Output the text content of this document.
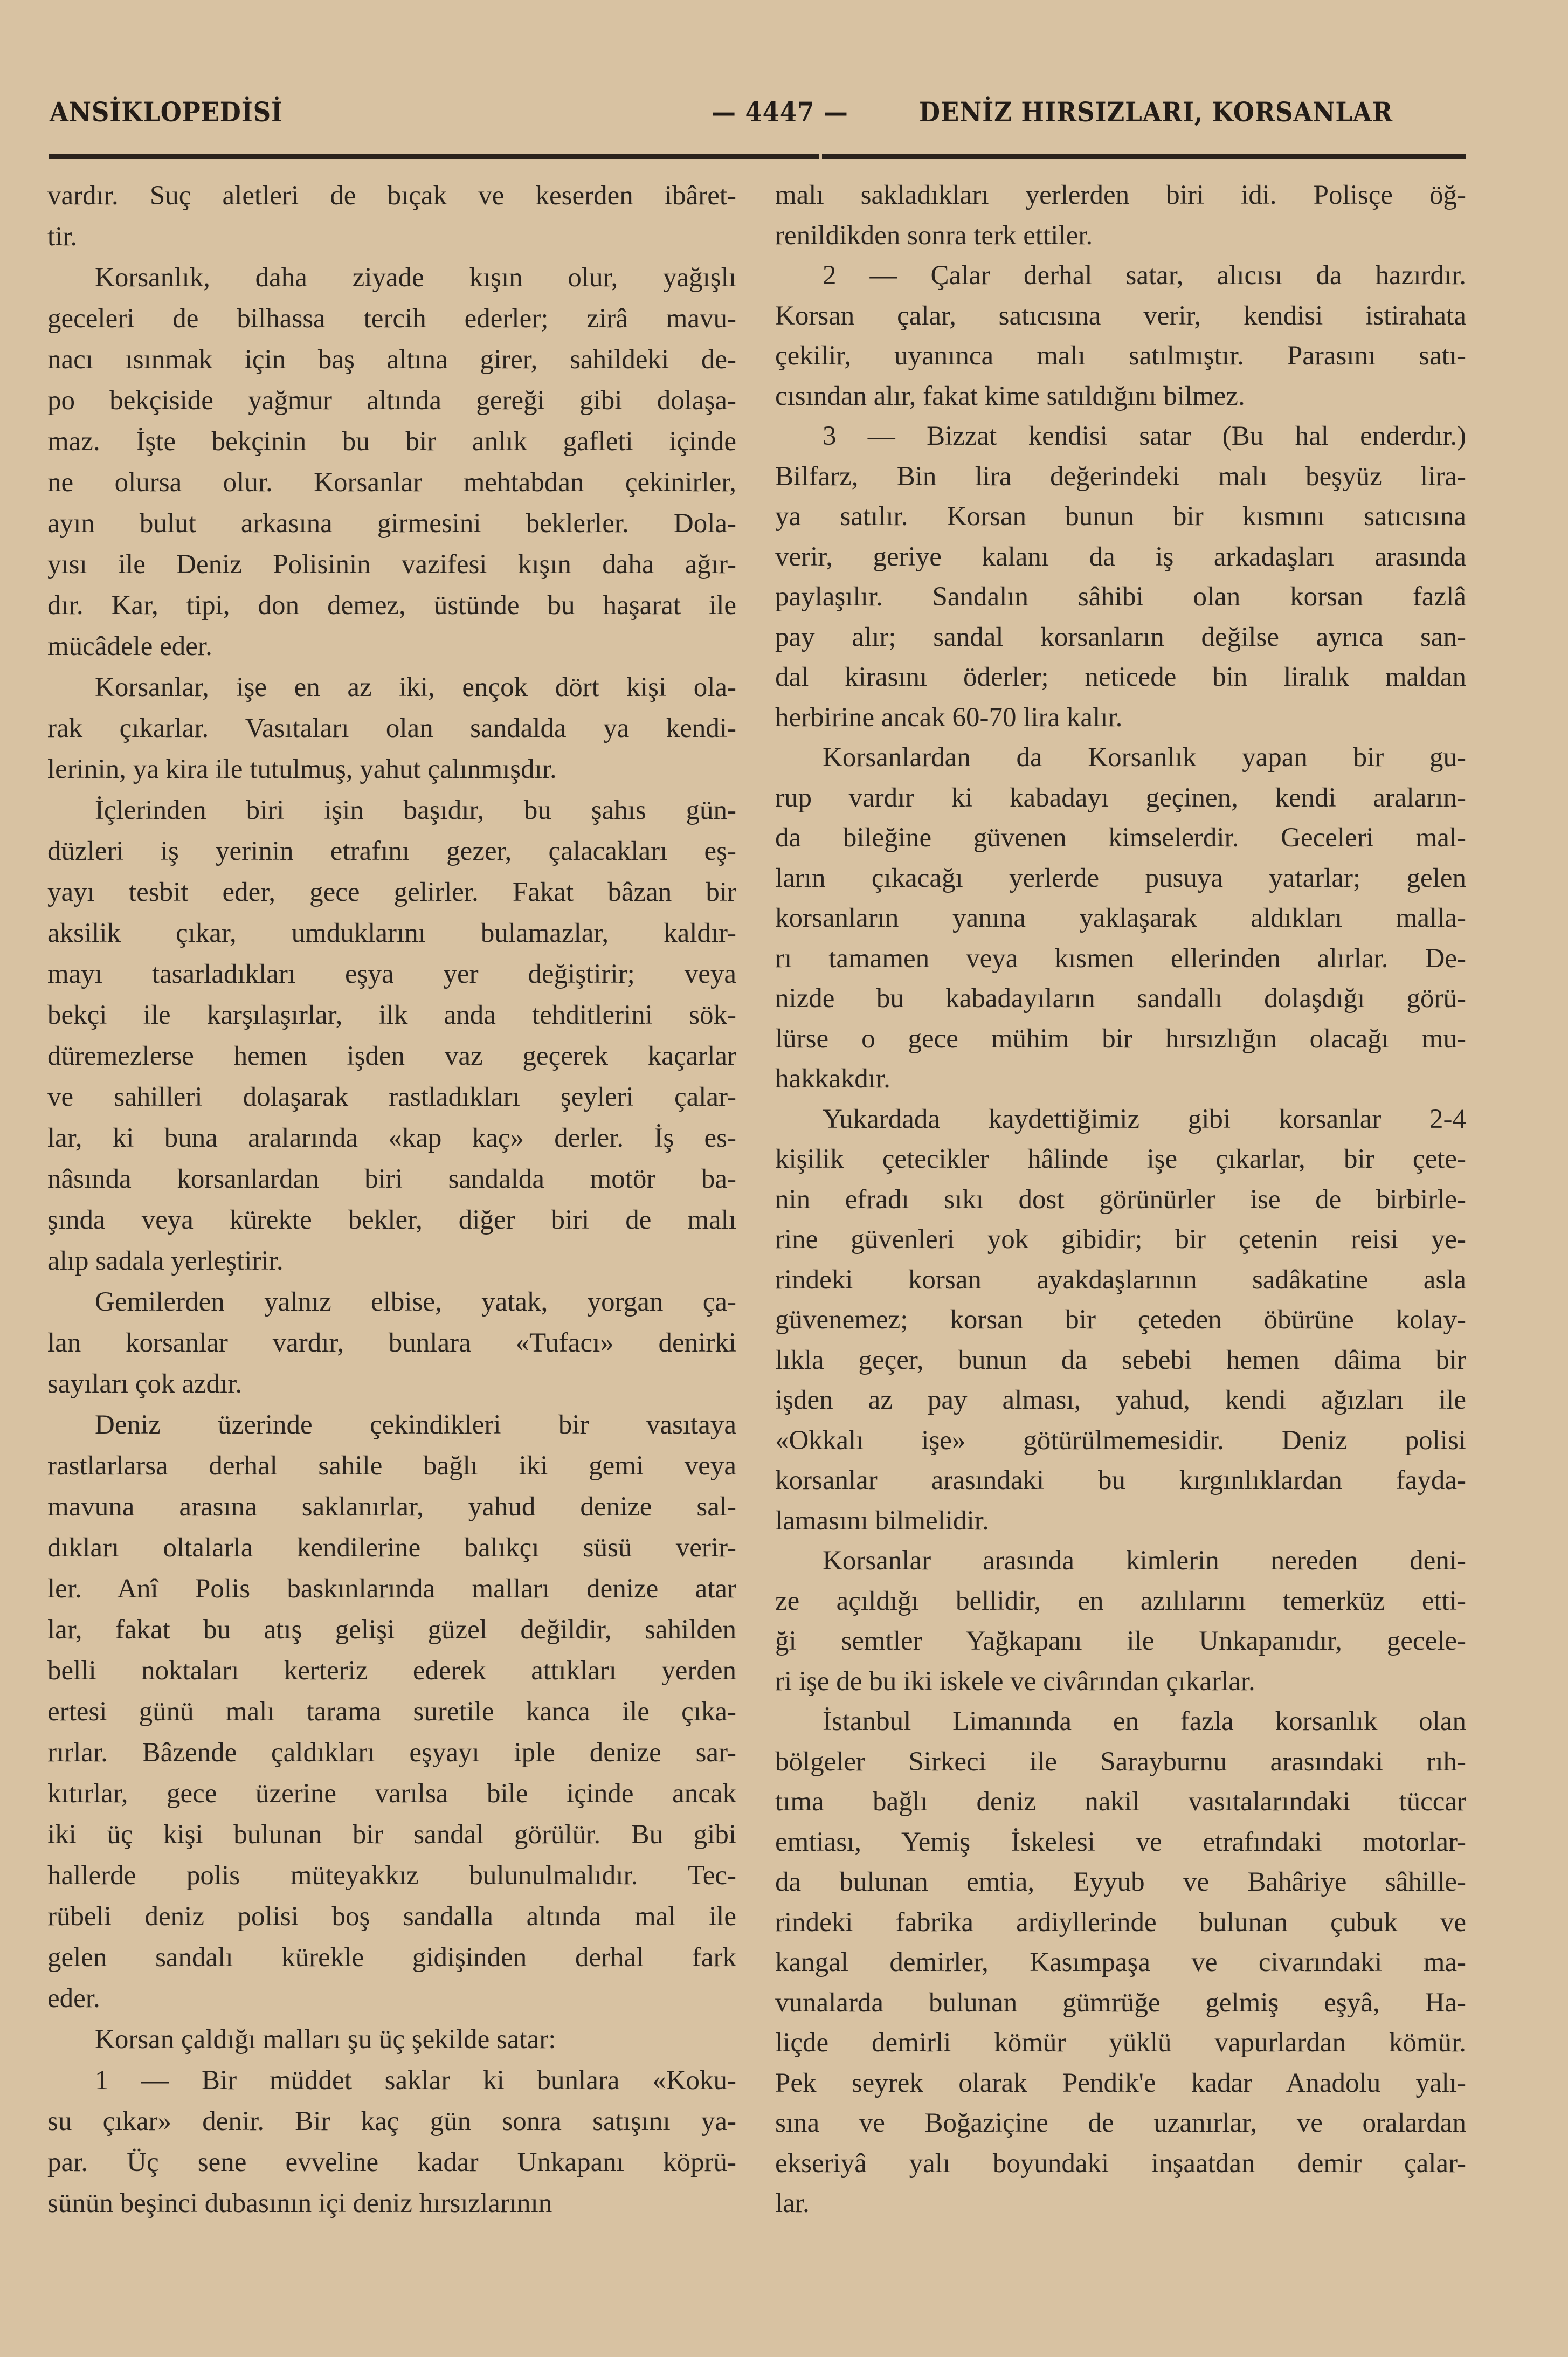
ANSİKLOPEDİSİ	— 4447 —	DENİZ HIRSIZLARI, KORSANLAR
vardır. Suç aletleri de bıçak ve keserden ibâret-
tir.
Korsanlık, daha ziyade kışın olur, yağışlı
geceleri de bilhassa tercih ederler; zirâ mavu-
nacı ısınmak için baş altına girer, sahildeki de-
po bekçiside yağmur altında gereği gibi dolaşa-
maz. İşte bekçinin bu bir anlık gafleti içinde
ne olursa olur. Korsanlar mehtabdan çekinirler,
ayın bulut arkasına girmesini beklerler. Dola-
yısı ile Deniz Polisinin vazifesi kışın daha ağır-
dır. Kar, tipi, don demez, üstünde bu haşarat ile
mücâdele eder.
Korsanlar, işe en az iki, ençok dört kişi ola-
rak çıkarlar. Vasıtaları olan sandalda ya kendi-
lerinin, ya kira ile tutulmuş, yahut çalınmışdır.
İçlerinden biri işin başıdır, bu şahıs gün-
düzleri iş yerinin etrafını gezer, çalacakları eş-
yayı tesbit eder, gece gelirler. Fakat bâzan bir
aksilik çıkar, umduklarını bulamazlar, kaldır-
mayı tasarladıkları eşya yer değiştirir; veya
bekçi ile karşılaşırlar, ilk anda tehditlerini sök-
düremezlerse hemen işden vaz geçerek kaçarlar
ve sahilleri dolaşarak rastladıkları şeyleri çalar-
lar, ki buna aralarında «kap kaç» derler. İş es-
nâsında korsanlardan biri sandalda motör ba-
şında veya kürekte bekler, diğer biri de malı
alıp sadala yerleştirir.
Gemilerden yalnız elbise, yatak, yorgan ça-
lan korsanlar vardır, bunlara «Tufacı» denirki
sayıları çok azdır.
Deniz üzerinde çekindikleri bir vasıtaya
rastlarlarsa derhal sahile bağlı iki gemi veya
mavuna arasına saklanırlar, yahud denize sal-
dıkları oltalarla kendilerine balıkçı süsü verir-
ler. Anî Polis baskınlarında malları denize atar
lar, fakat bu atış gelişi güzel değildir, sahilden
belli noktaları kerteriz ederek attıkları yerden
ertesi günü malı tarama suretile kanca ile çıka-
rırlar. Bâzende çaldıkları eşyayı iple denize sar-
kıtırlar, gece üzerine varılsa bile içinde ancak
iki üç kişi bulunan bir sandal görülür. Bu gibi
hallerde polis müteyakkız bulunulmalıdır. Tec-
rübeli deniz polisi boş sandalla altında mal ile
gelen sandalı kürekle gidişinden derhal fark
eder.
Korsan çaldığı malları şu üç şekilde satar:
1 — Bir müddet saklar ki bunlara «Koku-
su çıkar» denir. Bir kaç gün sonra satışını ya-
par. Üç sene evveline kadar Unkapanı köprü-
sünün beşinci dubasının içi deniz hırsızlarının
malı sakladıkları yerlerden biri idi. Polisçe öğ-
renildikden sonra terk ettiler.
2 — Çalar derhal satar, alıcısı da hazırdır.
Korsan çalar, satıcısına verir, kendisi istirahata
çekilir, uyanınca malı satılmıştır. Parasını satı-
cısından alır, fakat kime satıldığını bilmez.
3 — Bizzat kendisi satar (Bu hal enderdır.)
Bilfarz, Bin lira değerindeki malı beşyüz lira-
ya satılır. Korsan bunun bir kısmını satıcısına
verir, geriye kalanı da iş arkadaşları arasında
paylaşılır. Sandalın sâhibi olan korsan fazlâ
pay alır; sandal korsanların değilse ayrıca san-
dal kirasını öderler; neticede bin liralık maldan
herbirine ancak 60-70 lira kalır.
Korsanlardan da Korsanlık yapan bir gu-
rup vardır ki kabadayı geçinen, kendi araların-
da bileğine güvenen kimselerdir. Geceleri mal-
ların çıkacağı yerlerde pusuya yatarlar; gelen
korsanların yanına yaklaşarak aldıkları malla-
rı tamamen veya kısmen ellerinden alırlar. De-
nizde bu kabadayıların sandallı dolaşdığı görü-
lürse o gece mühim bir hırsızlığın olacağı mu-
hakkakdır.
Yukardada kaydettiğimiz gibi korsanlar 2-4
kişilik çetecikler hâlinde işe çıkarlar, bir çete-
nin efradı sıkı dost görünürler ise de birbirle-
rine güvenleri yok gibidir; bir çetenin reisi ye-
rindeki korsan ayakdaşlarının sadâkatine asla
güvenemez; korsan bir çeteden öbürüne kolay-
lıkla geçer, bunun da sebebi hemen dâima bir
işden az pay alması, yahud, kendi ağızları ile
«Okkalı işe» götürülmemesidir. Deniz polisi
korsanlar arasındaki bu kırgınlıklardan fayda-
lamasını bilmelidir.
Korsanlar arasında kimlerin nereden deni-
ze açıldığı bellidir, en azılılarını temerküz etti-
ği semtler Yağkapanı ile Unkapanıdır, gecele-
ri işe de bu iki iskele ve civârından çıkarlar.
İstanbul Limanında en fazla korsanlık olan
bölgeler Sirkeci ile Sarayburnu arasındaki rıh-
tıma bağlı deniz nakil vasıtalarındaki tüccar
emtiası, Yemiş İskelesi ve etrafındaki motorlar-
da bulunan emtia, Eyyub ve Bahâriye sâhille-
rindeki fabrika ardiyllerinde bulunan çubuk ve
kangal demirler, Kasımpaşa ve civarındaki ma-
vunalarda bulunan gümrüğe gelmiş eşyâ, Ha-
liçde demirli kömür yüklü vapurlardan kömür.
Pek seyrek olarak Pendik'e kadar Anadolu yalı-
sına ve Boğaziçine de uzanırlar, ve oralardan
ekseriyâ yalı boyundaki inşaatdan demir çalar-
lar.
